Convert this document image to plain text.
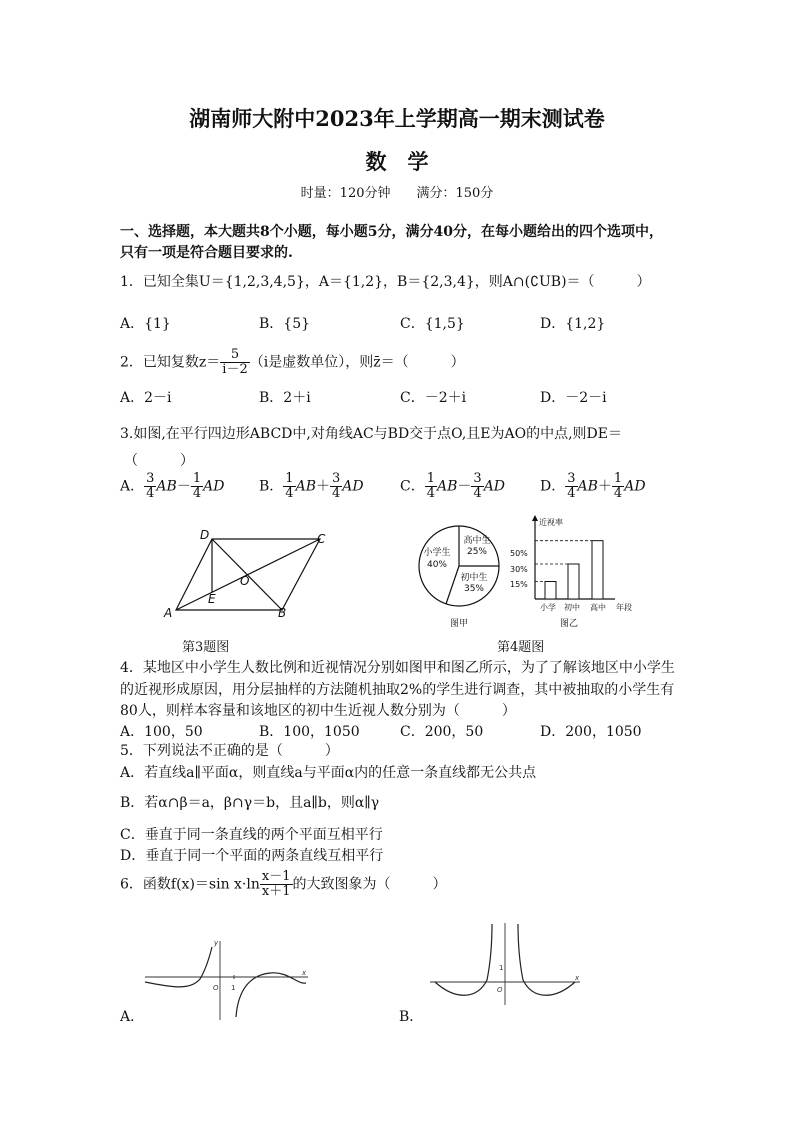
湖南师大附中2023年上学期高一期末测试卷
数　学
时量：120分钟　　满分：150分
一、选择题，本大题共8个小题，每小题5分，满分40分，在每小题给出的四个选项中，
只有一项是符合题目要求的.
1．已知全集U＝{1,2,3,4,5}，A＝{1,2}，B＝{2,3,4}，则A∩(∁UB)＝（　　　）
A．{1}	B．{5}	C．{1,5}	D．{1,2}
2．已知复数$z= \frac{5}{i-2} (i$是虚数单位），则z̄＝（　　　）
A．2－i	B．2＋i	C．－2＋i	D．－2－i
3.如图,在平行四边形ABCD中,对角线AC与BD交于点O,且E为AO的中点,则DE＝
（　　　）
A． $\frac{3}{4} AB- \frac{1}{4}$ AD B． $\frac{1}{4} AB+ \frac{3}{4}$ AD	C． $\frac{1}{4} AB- \frac{3}{4}$ AD D． $\frac{3}{4} AB+ \frac{1}{4}$ AD
A	B
C
D
O
E
第3题图
小学生
40%
高中生
25%
初中生
35%
图甲
近视率
50%
30%
15%
小学 初中 高中 年段
图乙
第4题图
4．某地区中小学生人数比例和近视情况分别如图甲和图乙所示，为了了解该地区中小学生
的近视形成原因，用分层抽样的方法随机抽取2%的学生进行调查，其中被抽取的小学生有
80人，则样本容量和该地区的初中生近视人数分别为（　　　）
A．100，50	B．100，1050	C．200，50	D．200，1050
5．下列说法不正确的是（　　　）
A．若直线a∥平面α，则直线a与平面α内的任意一条直线都无公共点
B．若α∩β＝a，β∩γ＝b，且a∥b，则α∥γ
C．垂直于同一条直线的两个平面互相平行
D．垂直于同一个平面的两条直线互相平行
6．函数f(x)＝sin $x\cdot\ln \frac{x-1}{x+1}$ 的大致图象为（　　　）
x
y
O 1
A．
x
1
O
B．
